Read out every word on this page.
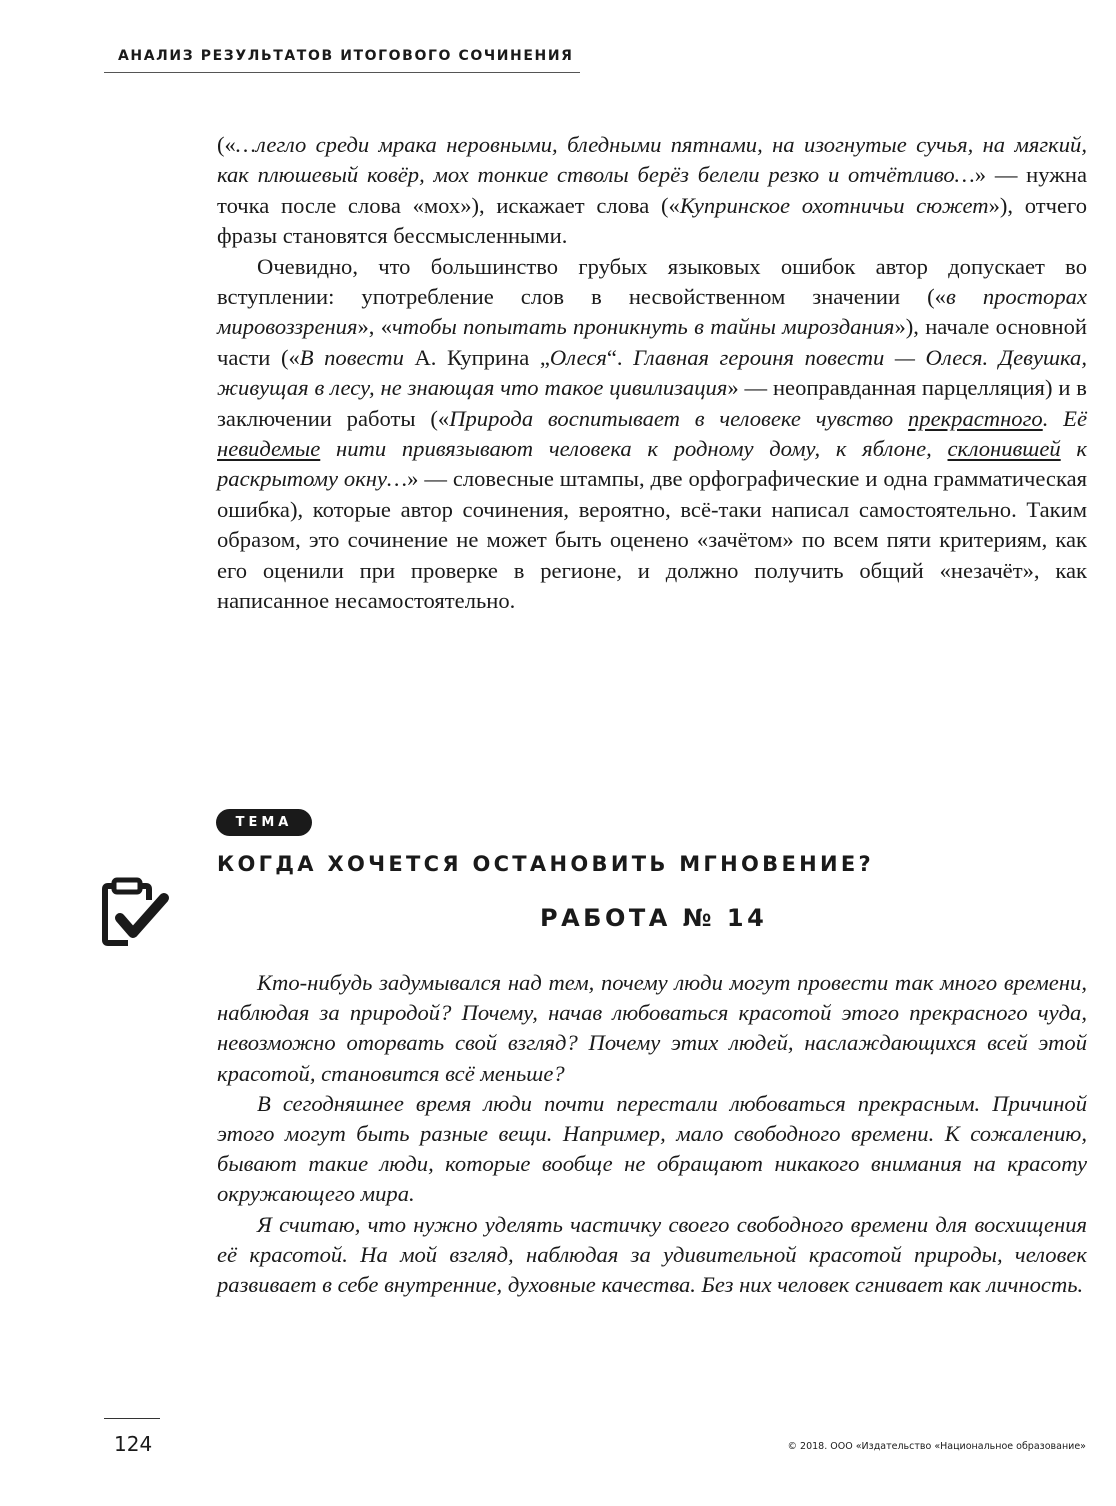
АНАЛИЗ РЕЗУЛЬТАТОВ ИТОГОВОГО СОЧИНЕНИЯ

(«…легло среди мрака неровными, бледными пятнами, на изогнутые сучья, на мягкий, как плюшевый ковёр, мох тонкие стволы берёз белели резко и отчётливо…» — нужна точка после слова «мох»), искажает слова («Купринское охотничьи сюжет»), отчего фразы становятся бессмысленными.

Очевидно, что большинство грубых языковых ошибок автор допускает во вступлении: употребление слов в несвойственном значении («в просторах мировоззрения», «чтобы попытать проникнуть в тайны мироздания»), начале основной части («В повести А. Куприна „Олеся“. Главная героиня повести — Олеся. Девушка, живущая в лесу, не знающая что такое цивилизация» — неоправданная парцелляция) и в заключении работы («Природа воспитывает в человеке чувство прекрастного. Её невидемые нити привязывают человека к родному дому, к яблоне, склонившей к раскрытому окну…» — словесные штампы, две орфографические и одна грамматическая ошибка), которые автор сочинения, вероятно, всё-таки написал самостоятельно. Таким образом, это сочинение не может быть оценено «зачётом» по всем пяти критериям, как его оценили при проверке в регионе, и должно получить общий «незачёт», как написанное несамостоятельно.

ТЕМА
КОГДА ХОЧЕТСЯ ОСТАНОВИТЬ МГНОВЕНИЕ?
РАБОТА № 14

Кто-нибудь задумывался над тем, почему люди могут провести так много времени, наблюдая за природой? Почему, начав любоваться красотой этого прекрасного чуда, невозможно оторвать свой взгляд? Почему этих людей, наслаждающихся всей этой красотой, становится всё меньше?

В сегодняшнее время люди почти перестали любоваться прекрасным. Причиной этого могут быть разные вещи. Например, мало свободного времени. К сожалению, бывают такие люди, которые вообще не обращают никакого внимания на красоту окружающего мира.

Я считаю, что нужно уделять частичку своего свободного времени для восхищения её красотой. На мой взгляд, наблюдая за удивительной красотой природы, человек развивает в себе внутренние, духовные качества. Без них человек сгнивает как личность.

124	© 2018. ООО «Издательство «Национальное образование»
